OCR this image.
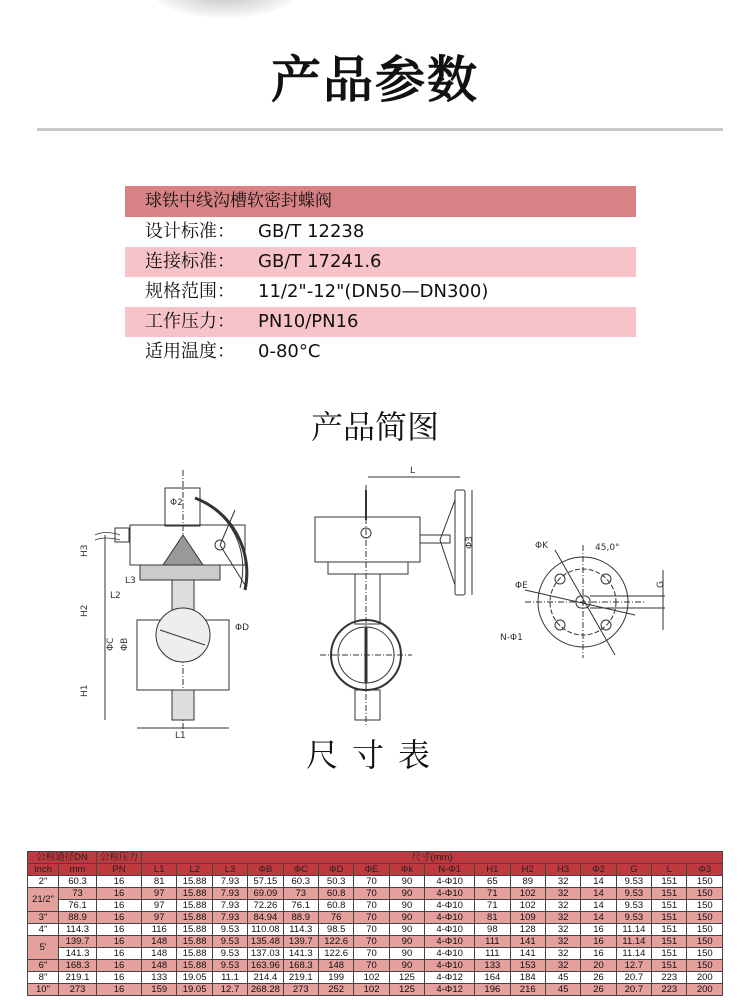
产品参数
球铁中线沟槽软密封蝶阀
设计标准：	GB/T 12238
连接标准：	GB/T 17241.6
规格范围：	11/2"-12"(DN50—DN300)
工作压力：	PN10/PN16
适用温度：	0-80°C
产品简图
Φ2
H3
L3
L2
H2
ΦC ΦB
ΦD
H1
L1
L
Φ3	ΦK	45,0°
ΦE	G
N-Φ1
尺寸表
公称通径DN		公称压力	尺寸(mm)															
Inch	mm	PN	L1	L2	L3	ΦB	ΦC	ΦD	ΦE	Φk	N-Φ1	H1	H2	H3	Φ2	G	L	Φ3
2"	60.3	16	81	15.88	7.93	57.15	60.3	50.3	70	90	4-Φ10	65	89	32	14	9.53	151	150
21/2"	73	16	97	15.88	7.93	69.09	73	60.8	70	90	4-Φ10	71	102	32	14	9.53	151	150
	76.1	16	97	15.88	7.93	72.26	76.1	60.8	70	90	4-Φ10	71	102	32	14	9.53	151	150
3"	88.9	16	97	15.88	7.93	84.94	88.9	76	70	90	4-Φ10	81	109	32	14	9.53	151	150
4"	114.3	16	116	15.88	9.53	110.08	114.3	98.5	70	90	4-Φ10	98	128	32	16	11.14	151	150
5'	139.7	16	148	15.88	9.53	135.48	139.7	122.6	70	90	4-Φ10	111	141	32	16	11.14	151	150
	141.3	16	148	15.88	9.53	137.03	141.3	122.6	70	90	4-Φ10	111	141	32	16	11.14	151	150
6"	168.3	16	148	15.88	9.53	163.96	168.3	148	70	90	4-Φ10	133	153	32	20	12.7	151	150
8"	219.1	16	133	19.05	11.1	214.4	219.1	199	102	125	4-Φ12	164	184	45	26	20.7	223	200
10"	273	16	159	19.05	12.7	268.28	273	252	102	125	4-Φ12	196	216	45	26	20.7	223	200
